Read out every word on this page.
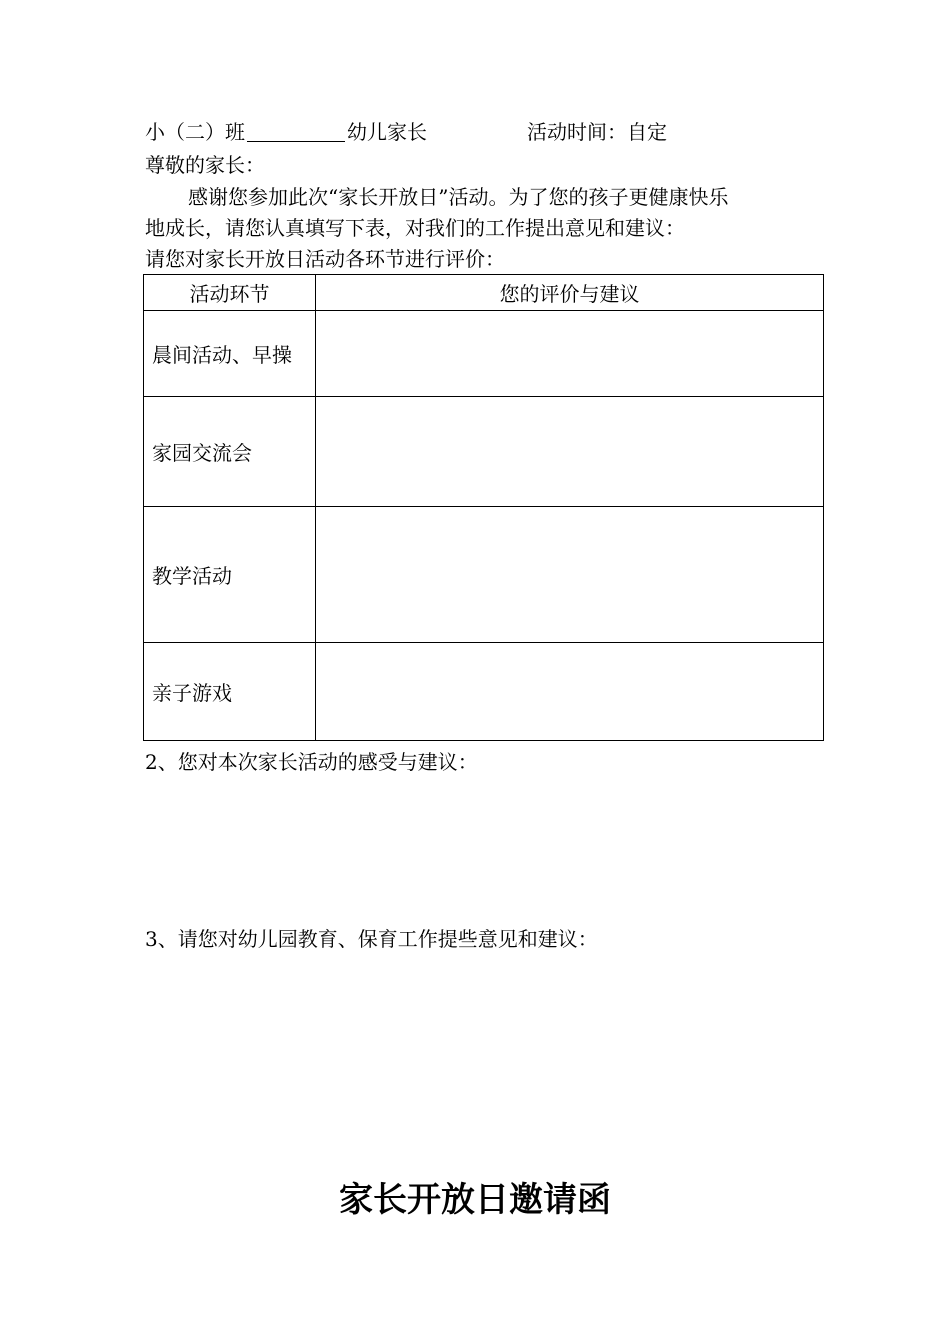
小（二）班	幼儿家长	活动时间：自定
尊敬的家长：
感谢您参加此次“家长开放日”活动。为了您的孩子更健康快乐
地成长，请您认真填写下表，对我们的工作提出意见和建议：
请您对家长开放日活动各环节进行评价：
活动环节	您的评价与建议
晨间活动、早操	
家园交流会	
教学活动	
亲子游戏	
2、您对本次家长活动的感受与建议：
3、请您对幼儿园教育、保育工作提些意见和建议：
家长开放日邀请函
